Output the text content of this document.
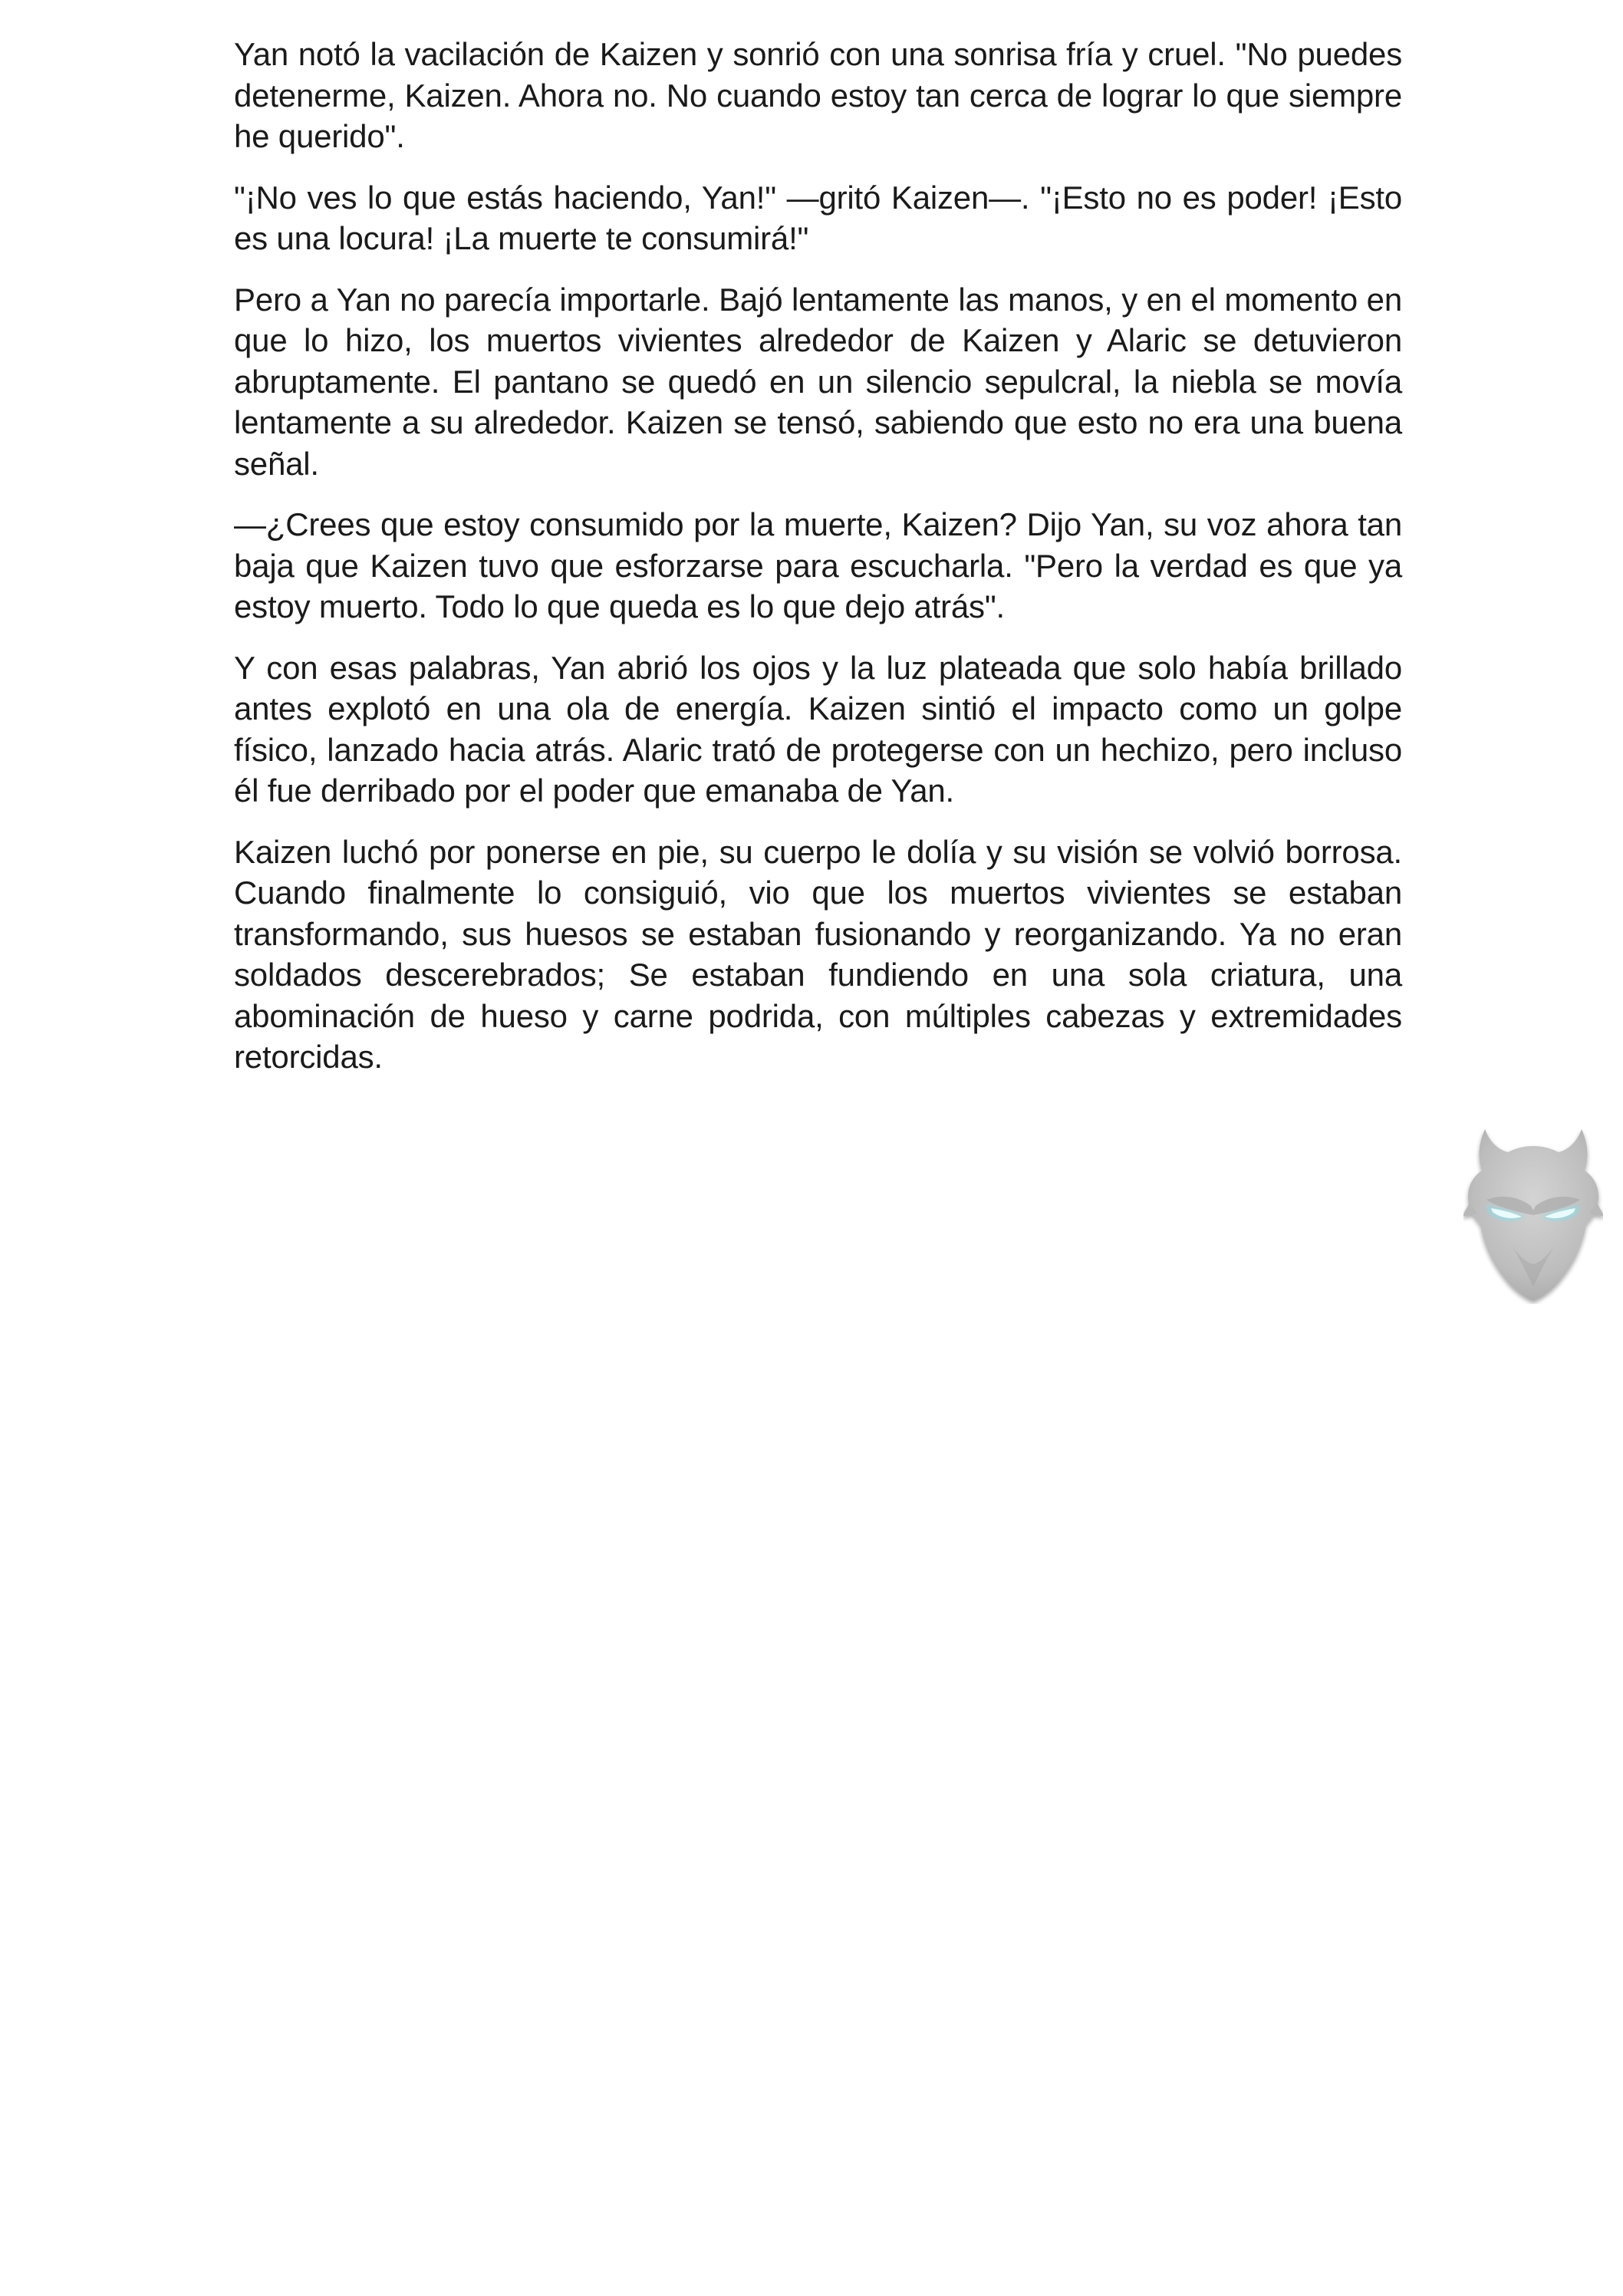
Yan notó la vacilación de Kaizen y sonrió con una sonrisa fría y cruel. "No puedes detenerme, Kaizen. Ahora no. No cuando estoy tan cerca de lograr lo que siempre he querido".

"¡No ves lo que estás haciendo, Yan!" —gritó Kaizen—. "¡Esto no es poder! ¡Esto es una locura! ¡La muerte te consumirá!"

Pero a Yan no parecía importarle. Bajó lentamente las manos, y en el momento en que lo hizo, los muertos vivientes alrededor de Kaizen y Alaric se detuvieron abruptamente. El pantano se quedó en un silencio sepulcral, la niebla se movía lentamente a su alrededor. Kaizen se tensó, sabiendo que esto no era una buena señal.

—¿Crees que estoy consumido por la muerte, Kaizen? Dijo Yan, su voz ahora tan baja que Kaizen tuvo que esforzarse para escucharla. "Pero la verdad es que ya estoy muerto. Todo lo que queda es lo que dejo atrás".

Y con esas palabras, Yan abrió los ojos y la luz plateada que solo había brillado antes explotó en una ola de energía. Kaizen sintió el impacto como un golpe físico, lanzado hacia atrás. Alaric trató de protegerse con un hechizo, pero incluso él fue derribado por el poder que emanaba de Yan.

Kaizen luchó por ponerse en pie, su cuerpo le dolía y su visión se volvió borrosa. Cuando finalmente lo consiguió, vio que los muertos vivientes se estaban transformando, sus huesos se estaban fusionando y reorganizando. Ya no eran soldados descerebrados; Se estaban fundiendo en una sola criatura, una abominación de hueso y carne podrida, con múltiples cabezas y extremidades retorcidas.
